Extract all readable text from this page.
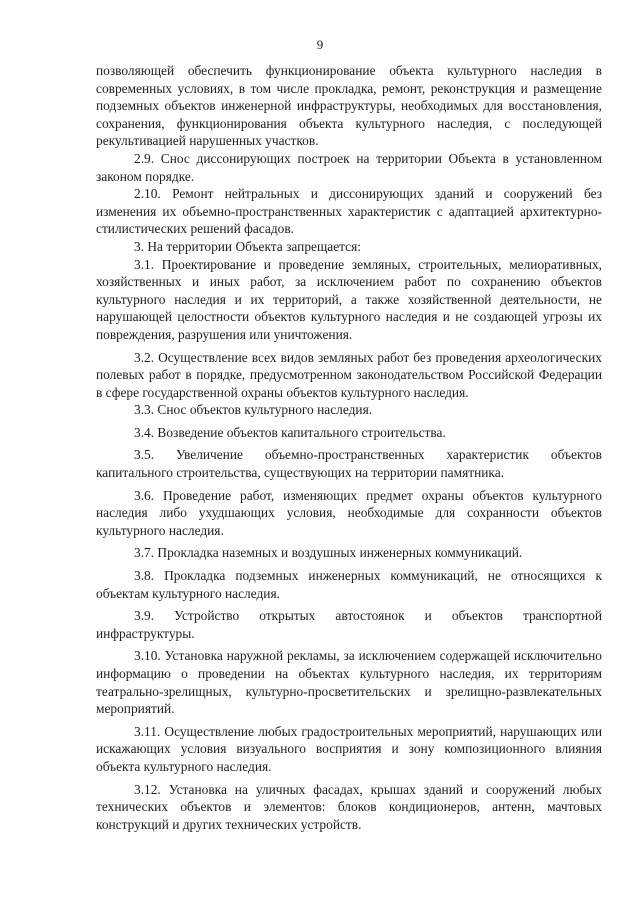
9

позволяющей обеспечить функционирование объекта культурного наследия в современных условиях, в том числе прокладка, ремонт, реконструкция и размещение подземных объектов инженерной инфраструктуры, необходимых для восстановления, сохранения, функционирования объекта культурного наследия, с последующей рекультивацией нарушенных участков.

2.9. Снос диссонирующих построек на территории Объекта в установленном законом порядке.

2.10. Ремонт нейтральных и диссонирующих зданий и сооружений без изменения их объемно-пространственных характеристик с адаптацией архитектурно-стилистических решений фасадов.

3. На территории Объекта запрещается:

3.1. Проектирование и проведение земляных, строительных, мелиоративных, хозяйственных и иных работ, за исключением работ по сохранению объектов культурного наследия и их территорий, а также хозяйственной деятельности, не нарушающей целостности объектов культурного наследия и не создающей угрозы их повреждения, разрушения или уничтожения.

3.2. Осуществление всех видов земляных работ без проведения археологических полевых работ в порядке, предусмотренном законодательством Российской Федерации в сфере государственной охраны объектов культурного наследия.

3.3. Снос объектов культурного наследия.

3.4. Возведение объектов капитального строительства.

3.5. Увеличение объемно-пространственных характеристик объектов капитального строительства, существующих на территории памятника.

3.6. Проведение работ, изменяющих предмет охраны объектов культурного наследия либо ухудшающих условия, необходимые для сохранности объектов культурного наследия.

3.7. Прокладка наземных и воздушных инженерных коммуникаций.

3.8. Прокладка подземных инженерных коммуникаций, не относящихся к объектам культурного наследия.

3.9. Устройство открытых автостоянок и объектов транспортной инфраструктуры.

3.10. Установка наружной рекламы, за исключением содержащей исключительно информацию о проведении на объектах культурного наследия, их территориям театрально-зрелищных, культурно-просветительских и зрелищно-развлекательных мероприятий.

3.11. Осуществление любых градостроительных мероприятий, нарушающих или искажающих условия визуального восприятия и зону композиционного влияния объекта культурного наследия.

3.12. Установка на уличных фасадах, крышах зданий и сооружений любых технических объектов и элементов: блоков кондиционеров, антенн, мачтовых конструкций и других технических устройств.
